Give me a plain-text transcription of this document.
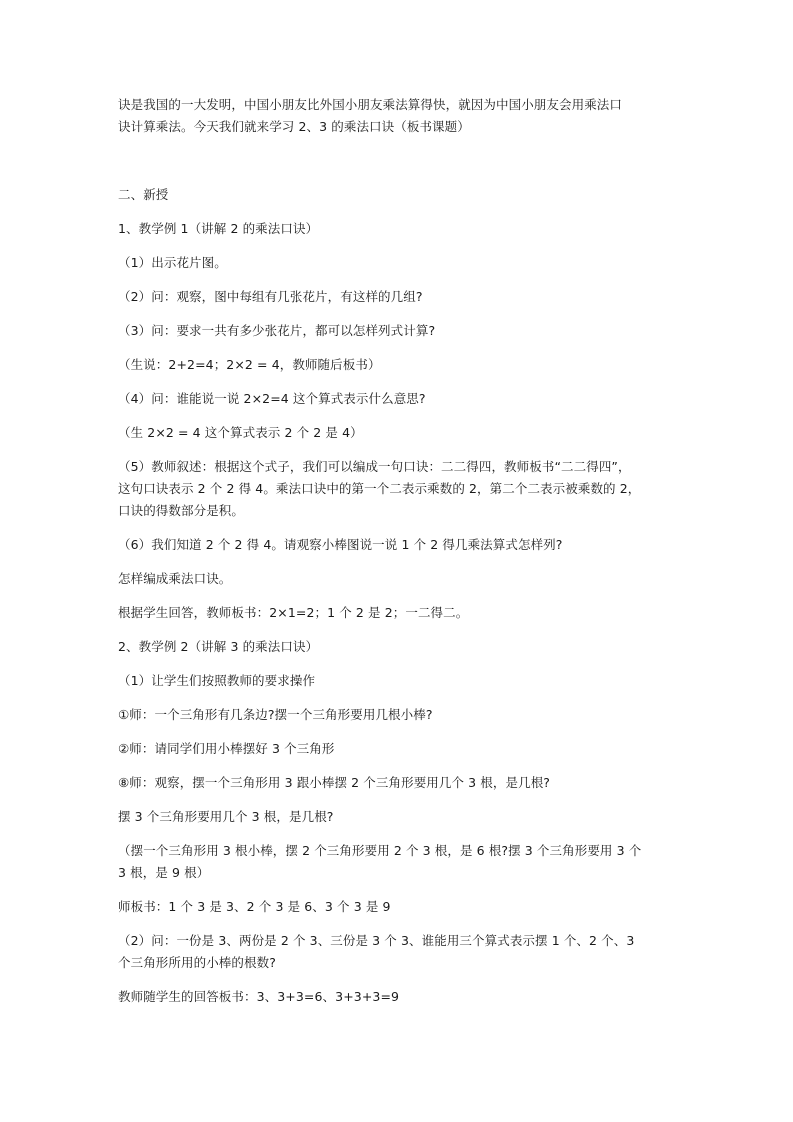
诀是我国的一大发明，中国小朋友比外国小朋友乘法算得快，就因为中国小朋友会用乘法口
诀计算乘法。今天我们就来学习 2、3 的乘法口诀（板书课题）

二、新授

1、教学例 1（讲解 2 的乘法口诀）

（1）出示花片图。

（2）问：观察，图中每组有几张花片，有这样的几组?

（3）问：要求一共有多少张花片，都可以怎样列式计算?

（生说：2+2=4；2×2 = 4，教师随后板书）

（4）问：谁能说一说 2×2=4 这个算式表示什么意思?

（生 2×2 = 4 这个算式表示 2 个 2 是 4）

（5）教师叙述：根据这个式子，我们可以编成一句口诀：二二得四，教师板书“二二得四”，
这句口诀表示 2 个 2 得 4。乘法口诀中的第一个二表示乘数的 2，第二个二表示被乘数的 2，
口诀的得数部分是积。

（6）我们知道 2 个 2 得 4。请观察小棒图说一说 1 个 2 得几乘法算式怎样列?

怎样编成乘法口诀。

根据学生回答，教师板书：2×1=2；1 个 2 是 2；一二得二。

2、教学例 2（讲解 3 的乘法口诀）

（1）让学生们按照教师的要求操作

①师：一个三角形有几条边?摆一个三角形要用几根小棒?

②师：请同学们用小棒摆好 3 个三角形

⑧师：观察，摆一个三角形用 3 跟小棒摆 2 个三角形要用几个 3 根，是几根?

摆 3 个三角形要用几个 3 根，是几根?

（摆一个三角形用 3 根小棒，摆 2 个三角形要用 2 个 3 根，是 6 根?摆 3 个三角形要用 3 个
3 根，是 9 根）

师板书：1 个 3 是 3、2 个 3 是 6、3 个 3 是 9

（2）问：一份是 3、两份是 2 个 3、三份是 3 个 3、谁能用三个算式表示摆 1 个、2 个、3
个三角形所用的小棒的根数?

教师随学生的回答板书：3、3+3=6、3+3+3=9
